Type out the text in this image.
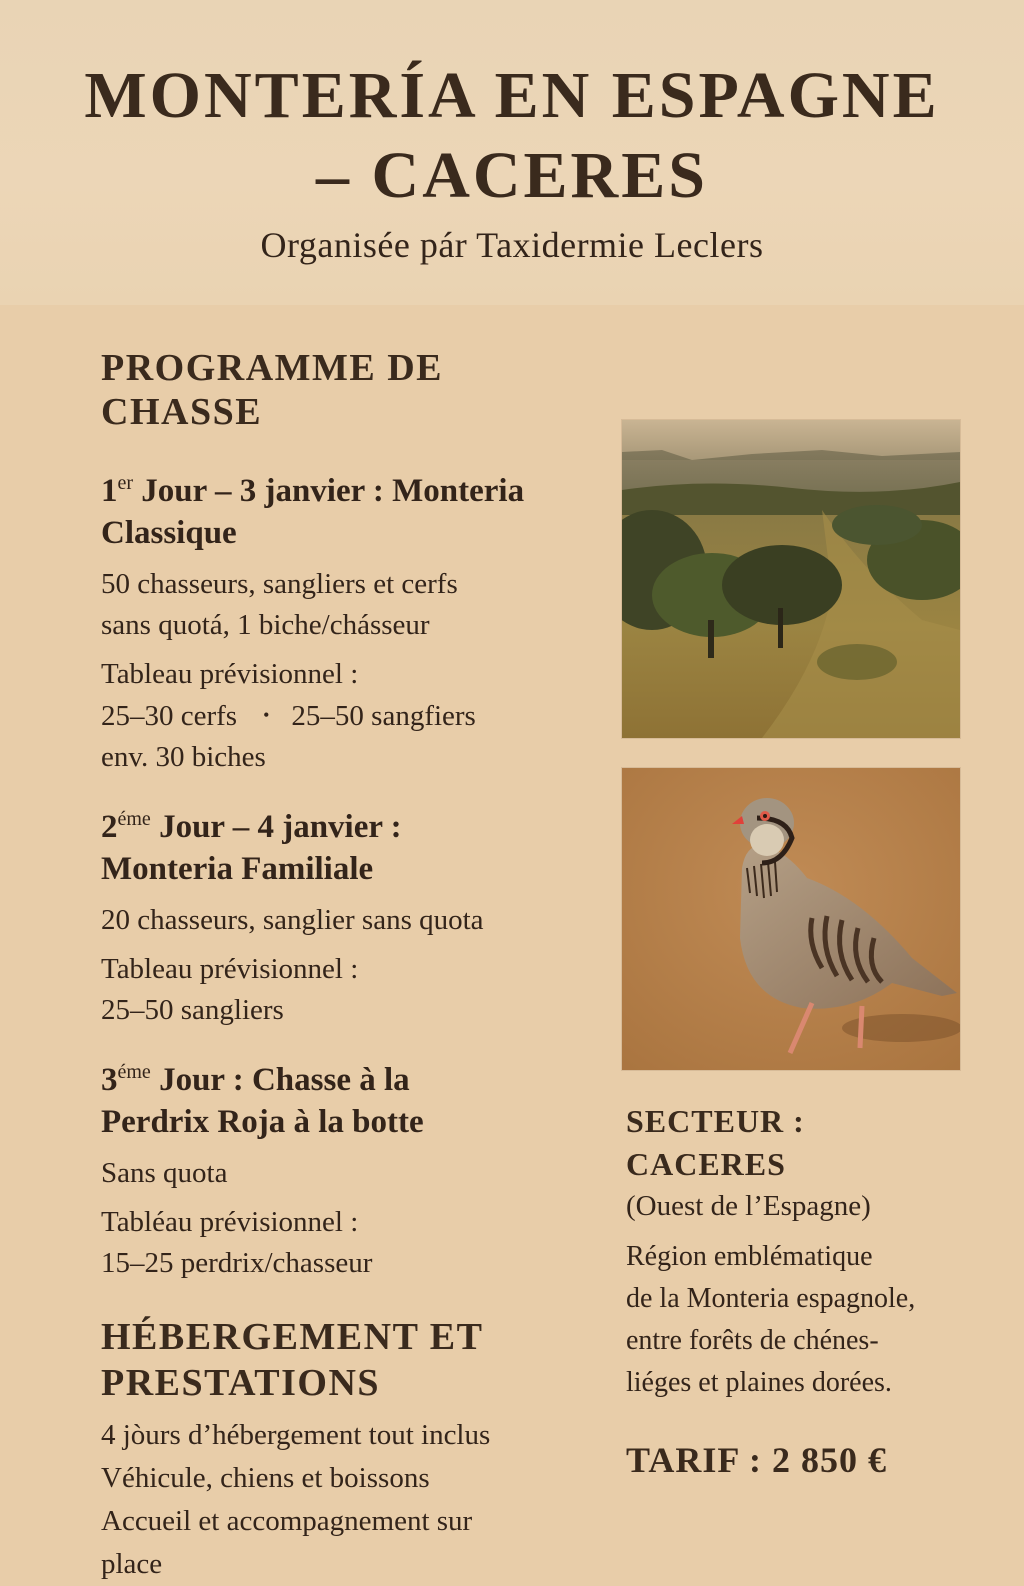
MONTERÍA EN ESPAGNE
– CACERES
Organisée pár Taxidermie Leclers
PROGRAMME DE CHASSE

1er Jour – 3 janvier : Monteria

Classique

50 chasseurs, sangliers et cerfs

sans quotá, 1 biche/chásseur

Tableau prévisionnel :

25–30 cerfs • 25–50 sangfiers

env. 30 biches

$2^{éme}$ Jour – 4 janvier :

Monteria Familiale

20 chasseurs, sanglier sans quota

Tableau prévisionnel :

25–50 sangliers

$3^{éme}$ Jour : Chasse à la

Perdrix Roja à la botte

Sans quota

Tabléau prévisionnel :

15–25 perdrix/chasseur

HÉBERGEMENT ET
PRESTATIONS

4 jòurs d’hébergement tout inclus

Véhicule, chiens et boissons

Accueil et accompagnement sur

place

SECTEUR :

CACERES

(Ouest de l’Espagne)

Région emblématique

de la Monteria espagnole,

entre forêts de chénes-

liéges et plaines dorées.

TARIF : 2 850 €
